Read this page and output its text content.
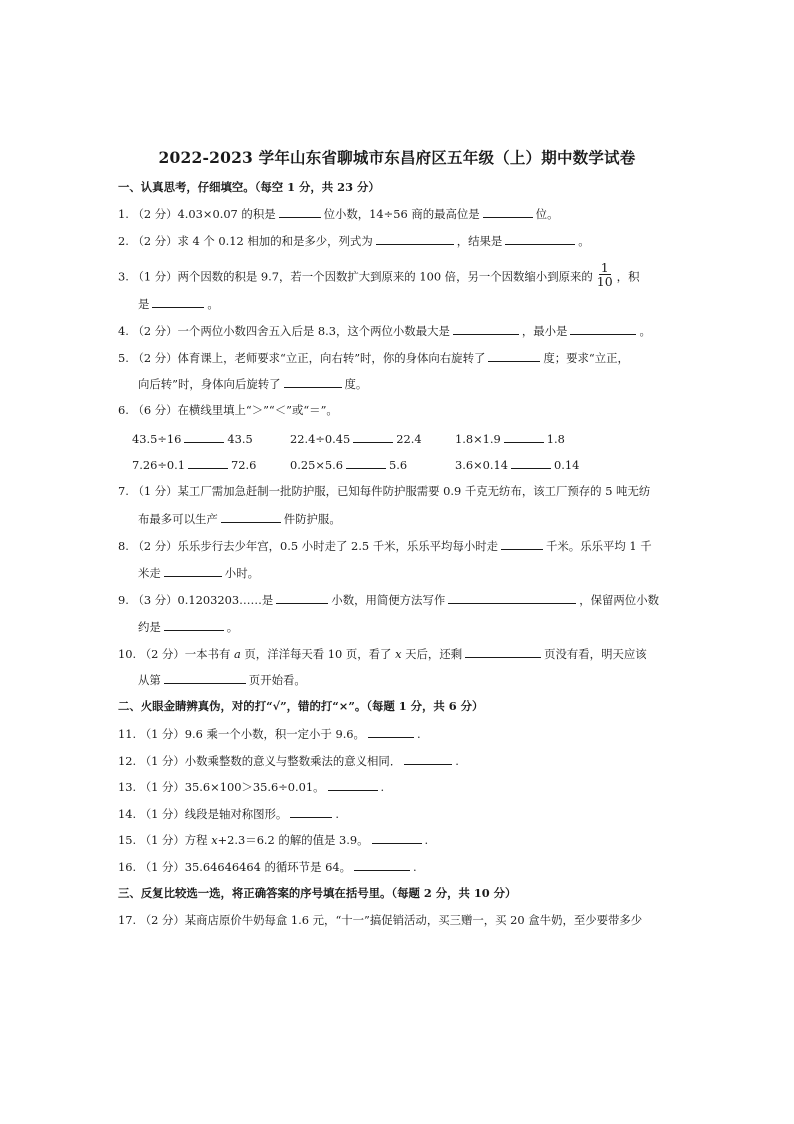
2022-2023 学年山东省聊城市东昌府区五年级（上）期中数学试卷
一、认真思考，仔细填空。（每空 1 分，共 23 分）
1. （2 分）4.03×0.07 的积是	位小数，14÷56 商的最高位是	位。
2. （2 分）求 4 个 0.12 相加的和是多少，列式为	，结果是	。
3. （1 分）两个因数的积是 9.7，若一个因数扩大到原来的 100 倍，另一个因数缩小到原来的 $\frac{1}{10}$ ，积
是	。
4. （2 分）一个两位小数四舍五入后是 8.3，这个两位小数最大是	，最小是	。
5. （2 分）体育课上，老师要求“立正，向右转”时，你的身体向右旋转了	度；要求“立正，
向后转”时，身体向后旋转了	度。
6. （6 分）在横线里填上“＞”“＜”或“＝”。
43.5÷16	43.5	22.4÷0.45	22.4	1.8×1.9	1.8
7.26÷0.1	72.6	0.25×5.6	5.6	3.6×0.14	0.14
7. （1 分）某工厂需加急赶制一批防护服，已知每件防护服需要 0.9 千克无纺布，该工厂预存的 5 吨无纺
布最多可以生产	件防护服。
8. （2 分）乐乐步行去少年宫，0.5 小时走了 2.5 千米，乐乐平均每小时走	千米。乐乐平均 1 千
米走	小时。
9. （3 分）0.1203203……是	小数，用简便方法写作	，保留两位小数
约是	。
10. （2 分）一本书有 a 页，洋洋每天看 10 页，看了 x 天后，还剩	页没有看，明天应该
从第	页开始看。
二、火眼金睛辨真伪，对的打“√”，错的打“×”。（每题 1 分，共 6 分）
11. （1 分）9.6 乘一个小数，积一定小于 9.6。	.
12. （1 分）小数乘整数的意义与整数乘法的意义相同．	.
13. （1 分）35.6×100＞35.6÷0.01。	.
14. （1 分）线段是轴对称图形。	.
15. （1 分）方程 x+2.3＝6.2 的解的值是 3.9。	.
16. （1 分）35.64646464 的循环节是 64。	.
三、反复比较选一选，将正确答案的序号填在括号里。（每题 2 分，共 10 分）
17. （2 分）某商店原价牛奶每盒 1.6 元，“十一”搞促销活动，买三赠一，买 20 盒牛奶，至少要带多少
